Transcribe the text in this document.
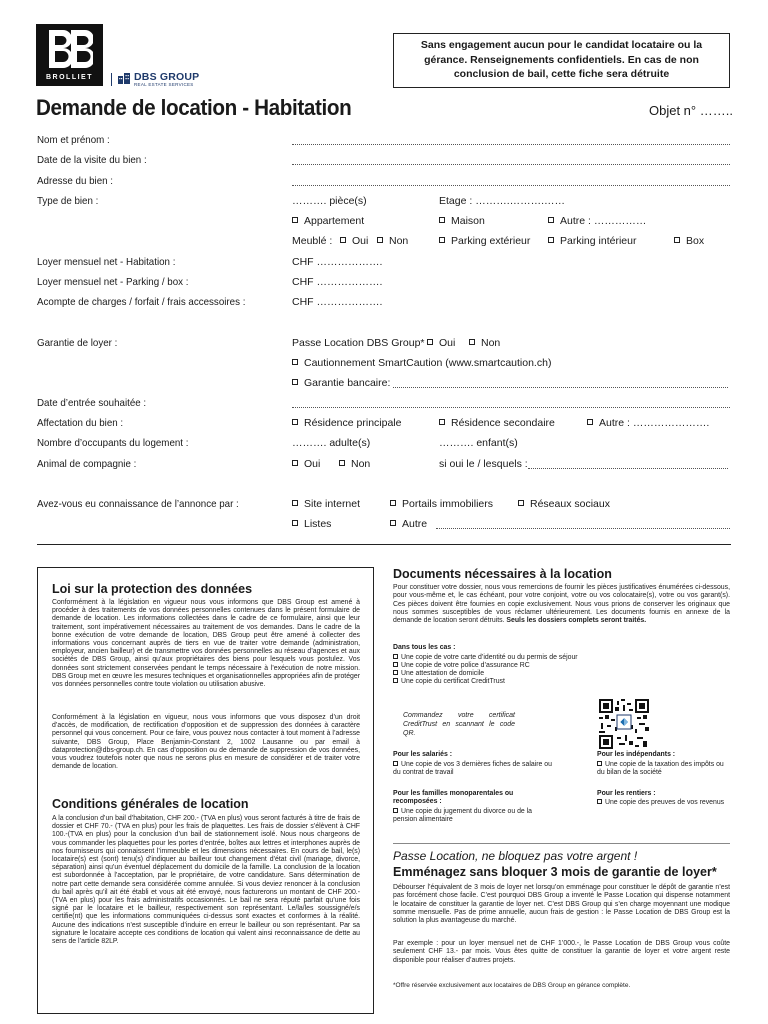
BROLLIET	DBS GROUP
REAL ESTATE SERVICES
Sans engagement aucun pour le candidat locataire ou la gérance. Renseignements confidentiels. En cas de non conclusion de bail, cette fiche sera détruite
Demande de location - Habitation	Objet n° ……..
Nom et prénom :
Date de la visite du bien :
Adresse du bien :
Type de bien :	………. pièce(s)	Etage : ……….……….……
Appartement	Maison	Autre : ……………
Meublé :	Oui	Non	Parking extérieur	Parking intérieur	Box
Loyer mensuel net - Habitation :	CHF ……………….
Loyer mensuel net - Parking / box :	CHF ……………….
Acompte de charges / forfait / frais accessoires :	CHF ……………….
Garantie de loyer :	Passe Location DBS Group*	Oui	Non
Cautionnement SmartCaution (www.smartcaution.ch)
Garantie bancaire:
Date d’entrée souhaitée :
Affectation du bien :	Résidence principale	Résidence secondaire	Autre : ………………….
Nombre d’occupants du logement :	………. adulte(s)	………. enfant(s)
Animal de compagnie :	Oui	Non	si oui le / lesquels :
Avez-vous eu connaissance de l’annonce par :	Site internet	Portails immobiliers	Réseaux sociaux
Listes	Autre
Loi sur la protection des données
Conformément à la législation en vigueur nous vous informons que DBS Group est amené à procéder à des traitements de vos données personnelles contenues dans le présent formulaire de demande de location. Les informations collectées dans le cadre de ce formulaire, ainsi que leur traitement, sont impérativement nécessaires au traitement de vos demandes. Dans le cadre de la bonne exécution de votre demande de location, DBS Group peut être amené à collecter des informations vous concernant auprès de tiers en vue de traiter votre demande (administration, employeur, ancien bailleur) et de transmettre vos données personnelles au réseau d’agences et aux sociétés de DBS Group, ainsi qu’aux propriétaires des biens pour lesquels vous postulez. Vos données sont strictement conservées pendant le temps nécessaire à l’exécution de notre mission. DBS Group met en œuvre les mesures techniques et organisationnelles appropriées afin de protéger vos données personnelles contre toute violation ou utilisation abusive.
Conformément à la législation en vigueur, nous vous informons que vous disposez d’un droit d’accès, de modification, de rectification d’opposition et de suppression des données à caractère personnel qui vous concernent. Pour ce faire, vous pouvez nous contacter à tout moment à l’adresse suivante, DBS Group, Place Benjamin-Constant 2, 1002 Lausanne ou par email à dataprotection@dbs-group.ch. En cas d’opposition ou de demande de suppression de vos données, vous voudrez toutefois noter que nous ne serons plus en mesure de considérer et de traiter votre demande de location.
Conditions générales de location
A la conclusion d’un bail d’habitation, CHF 200.- (TVA en plus) vous seront facturés à titre de frais de dossier et CHF 70.- (TVA en plus) pour les frais de plaquettes. Les frais de dossier s’élèvent à CHF 100.-(TVA en plus) pour la conclusion d’un bail de stationnement isolé. Nous nous chargeons de vous commander les plaquettes pour les portes d’entrée, boîtes aux lettres et interphones auprès de nos fournisseurs qui connaissent l’immeuble et les dimensions nécessaires. En cours de bail, le(s) locataire(s) est (sont) tenu(s) d’indiquer au bailleur tout changement d’état civil (mariage, divorce, séparation) ainsi qu’un éventuel déplacement du domicile de la famille. La conclusion de la location est subordonnée à l’acceptation, par le propriétaire, de votre candidature. Sans détermination de notre part cette demande sera considérée comme annulée. Si vous deviez renoncer à la conclusion du bail après qu’il ait été établi et vous ait été envoyé, nous facturerons un montant de CHF 200.- (TVA en plus) pour les frais administratifs occasionnés. Le bail ne sera réputé parfait qu’une fois signé par le locataire et le bailleur, respectivement son représentant. Le/la/les soussigné/e/s certifie(nt) que les informations communiquées ci-dessus sont exactes et conformes à la réalité. Aucune des indications n’est susceptible d’induire en erreur le bailleur ou son représentant. Par sa signature le locataire accepte ces conditions de location qui valent ainsi reconnaissance de dette au sens de l’article 82LP.
Documents nécessaires à la location
Pour constituer votre dossier, nous vous remercions de fournir les pièces justificatives énumérées ci-dessous, pour vous-même et, le cas échéant, pour votre conjoint, votre ou vos colocataire(s), votre ou vos garant(s). Ces pièces doivent être fournies en copie exclusivement. Nous vous prions de conserver les originaux que nous sommes susceptibles de vous réclamer ultérieurement. Les documents fournis en annexe de la demande de location seront détruits. Seuls les dossiers complets seront traités.
Dans tous les cas :
Une copie de votre carte d’identité ou du permis de séjour
Une copie de votre police d’assurance RC
Une attestation de domicile
Une copie du certificat CreditTrust
Commandez votre certificat CreditTrust en scannant le code QR.
Pour les salariés :
Une copie de vos 3 dernières fiches de salaire ou du contrat de travail
Pour les indépendants :
Une copie de la taxation des impôts ou du bilan de la société
Pour les familles monoparentales ou recomposées :
Une copie du jugement du divorce ou de la pension alimentaire
Pour les rentiers :
Une copie des preuves de vos revenus
Passe Location, ne bloquez pas votre argent !
Emménagez sans bloquer 3 mois de garantie de loyer*
Débourser l’équivalent de 3 mois de loyer net lorsqu’on emménage pour constituer le dépôt de garantie n’est pas forcément chose facile. C’est pourquoi DBS Group a inventé le Passe Location qui dispense notamment le locataire de constituer la garantie de loyer net. C’est DBS Group qui s’en charge moyennant une modique somme mensuelle. Pas de prime annuelle, aucun frais de gestion : le Passe Location de DBS Group est la solution la plus avantageuse du marché.
Par exemple : pour un loyer mensuel net de CHF 1’000.-, le Passe Location de DBS Group vous coûte seulement CHF 13.- par mois. Vous êtes quitte de constituer la garantie de loyer et votre argent reste disponible pour réaliser d’autres projets.
*Offre réservée exclusivement aux locataires de DBS Group en gérance complète.
